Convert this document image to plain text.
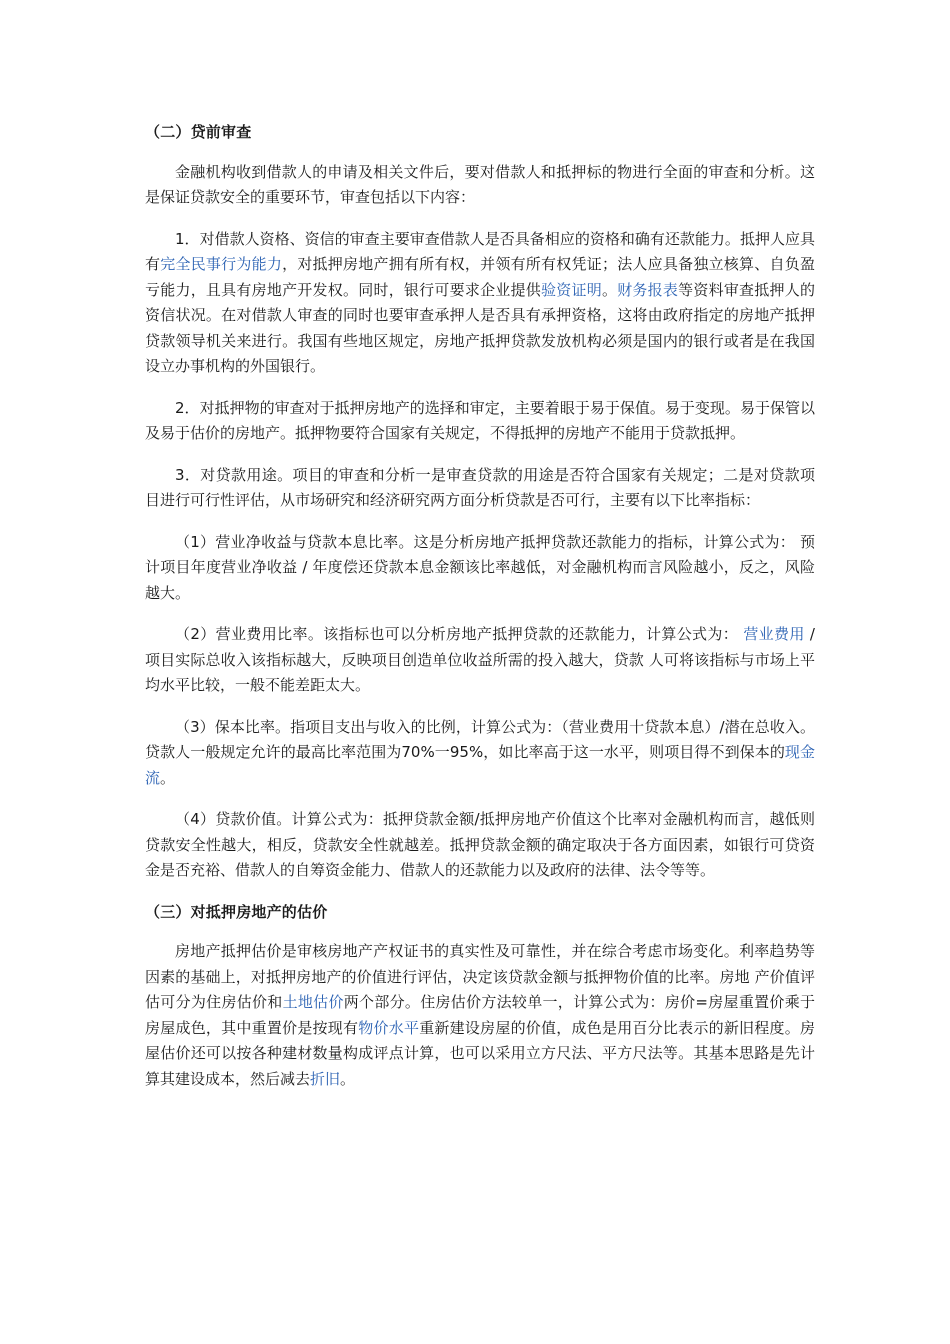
（二）贷前审查

金融机构收到借款人的申请及相关文件后，要对借款人和抵押标的物进行全面的审查和分析。这是保证贷款安全的重要环节，审查包括以下内容：

1．对借款人资格、资信的审查主要审查借款人是否具备相应的资格和确有还款能力。抵押人应具有完全民事行为能力，对抵押房地产拥有所有权，并领有所有权凭证；法人应具备独立核算、自负盈亏能力，且具有房地产开发权。同时，银行可要求企业提供验资证明。财务报表等资料审查抵押人的资信状况。在对借款人审查的同时也要审查承押人是否具有承押资格，这将由政府指定的房地产抵押贷款领导机关来进行。我国有些地区规定，房地产抵押贷款发放机构必须是国内的银行或者是在我国设立办事机构的外国银行。

2．对抵押物的审查对于抵押房地产的选择和审定，主要着眼于易于保值。易于变现。易于保管以及易于估价的房地产。抵押物要符合国家有关规定，不得抵押的房地产不能用于贷款抵押。

3．对贷款用途。项目的审查和分析一是审查贷款的用途是否符合国家有关规定；二是对贷款项 目进行可行性评估，从市场研究和经济研究两方面分析贷款是否可行，主要有以下比率指标：

（1）营业净收益与贷款本息比率。这是分析房地产抵押贷款还款能力的指标，计算公式为： 预计项目年度营业净收益 / 年度偿还贷款本息金额该比率越低，对金融机构而言风险越小，反之，风险越大。

（2）营业费用比率。该指标也可以分析房地产抵押贷款的还款能力，计算公式为： 营业费用 / 项目实际总收入该指标越大，反映项目创造单位收益所需的投入越大，贷款 人可将该指标与市场上平均水平比较，一般不能差距太大。

（3）保本比率。指项目支出与收入的比例，计算公式为：（营业费用十贷款本息）/潜在总收入。贷款人一般规定允许的最高比率范围为70%一95%，如比率高于这一水平，则项目得不到保本的现金流。

（4）贷款价值。计算公式为：抵押贷款金额/抵押房地产价值这个比率对金融机构而言，越低则贷款安全性越大，相反，贷款安全性就越差。抵押贷款金额的确定取决于各方面因素，如银行可贷资金是否充裕、借款人的自筹资金能力、借款人的还款能力以及政府的法律、法令等等。

（三）对抵押房地产的估价

房地产抵押估价是审核房地产产权证书的真实性及可靠性，并在综合考虑市场变化。利率趋势等因素的基础上，对抵押房地产的价值进行评估，决定该贷款金额与抵押物价值的比率。房地 产价值评估可分为住房估价和土地估价两个部分。住房估价方法较单一，计算公式为：房价=房屋重置价乘于房屋成色，其中重置价是按现有物价水平重新建设房屋的价值，成色是用百分比表示的新旧程度。房屋估价还可以按各种建材数量构成评点计算，也可以采用立方尺法、平方尺法等。其基本思路是先计算其建设成本，然后减去折旧。
